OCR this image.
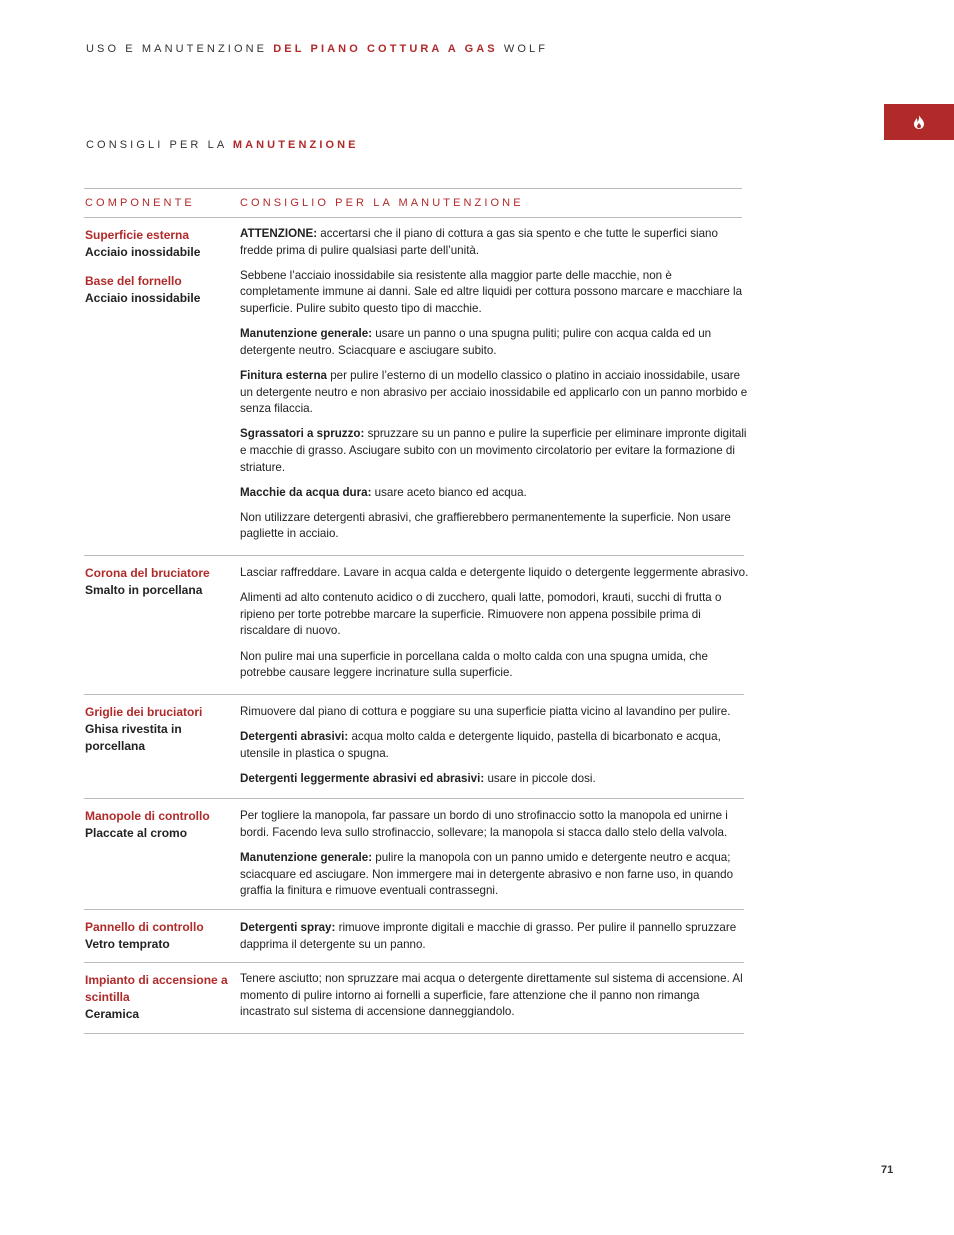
USO E MANUTENZIONE DEL PIANO COTTURA A GAS WOLF
CONSIGLI PER LA MANUTENZIONE
COMPONENTE	CONSIGLIO PER LA MANUTENZIONE
Superficie esterna
Acciaio inossidabile
Base del fornello
Acciaio inossidabile

ATTENZIONE: accertarsi che il piano di cottura a gas sia spento e che tutte le superfici siano fredde prima di pulire qualsiasi parte dell’unità.

Sebbene l’acciaio inossidabile sia resistente alla maggior parte delle macchie, non è completamente immune ai danni. Sale ed altre liquidi per cottura possono marcare e macchiare la superficie. Pulire subito questo tipo di macchie.

Manutenzione generale: usare un panno o una spugna puliti; pulire con acqua calda ed un detergente neutro. Sciacquare e asciugare subito.

Finitura esterna per pulire l’esterno di un modello classico o platino in acciaio inossidabile, usare un detergente neutro e non abrasivo per acciaio inossidabile ed applicarlo con un panno morbido e senza filaccia.

Sgrassatori a spruzzo: spruzzare su un panno e pulire la superficie per eliminare impronte digitali e macchie di grasso. Asciugare subito con un movimento circolatorio per evitare la formazione di striature.

Macchie da acqua dura: usare aceto bianco ed acqua.

Non utilizzare detergenti abrasivi, che graffierebbero permanentemente la superficie. Non usare pagliette in acciaio.

Corona del bruciatore
Smalto in porcellana

Lasciar raffreddare. Lavare in acqua calda e detergente liquido o detergente leggermente abrasivo.

Alimenti ad alto contenuto acidico o di zucchero, quali latte, pomodori, krauti, succhi di frutta o ripieno per torte potrebbe marcare la superficie. Rimuovere non appena possibile prima di riscaldare di nuovo.

Non pulire mai una superficie in porcellana calda o molto calda con una spugna umida, che potrebbe causare leggere incrinature sulla superficie.

Griglie dei bruciatori
Ghisa rivestita in porcellana

Rimuovere dal piano di cottura e poggiare su una superficie piatta vicino al lavandino per pulire.

Detergenti abrasivi: acqua molto calda e detergente liquido, pastella di bicarbonato e acqua, utensile in plastica o spugna.

Detergenti leggermente abrasivi ed abrasivi: usare in piccole dosi.

Manopole di controllo
Placcate al cromo

Per togliere la manopola, far passare un bordo di uno strofinaccio sotto la manopola ed unirne i bordi. Facendo leva sullo strofinaccio, sollevare; la manopola si stacca dallo stelo della valvola.

Manutenzione generale: pulire la manopola con un panno umido e detergente neutro e acqua; sciacquare ed asciugare. Non immergere mai in detergente abrasivo e non farne uso, in quando graffia la finitura e rimuove eventuali contrassegni.

Pannello di controllo
Vetro temprato

Detergenti spray: rimuove impronte digitali e macchie di grasso. Per pulire il pannello spruzzare dapprima il detergente su un panno.

Impianto di accensione a scintilla
Ceramica

Tenere asciutto; non spruzzare mai acqua o detergente direttamente sul sistema di accensione. Al momento di pulire intorno ai fornelli a superficie, fare attenzione che il panno non rimanga incastrato sul sistema di accensione danneggiandolo.

71
